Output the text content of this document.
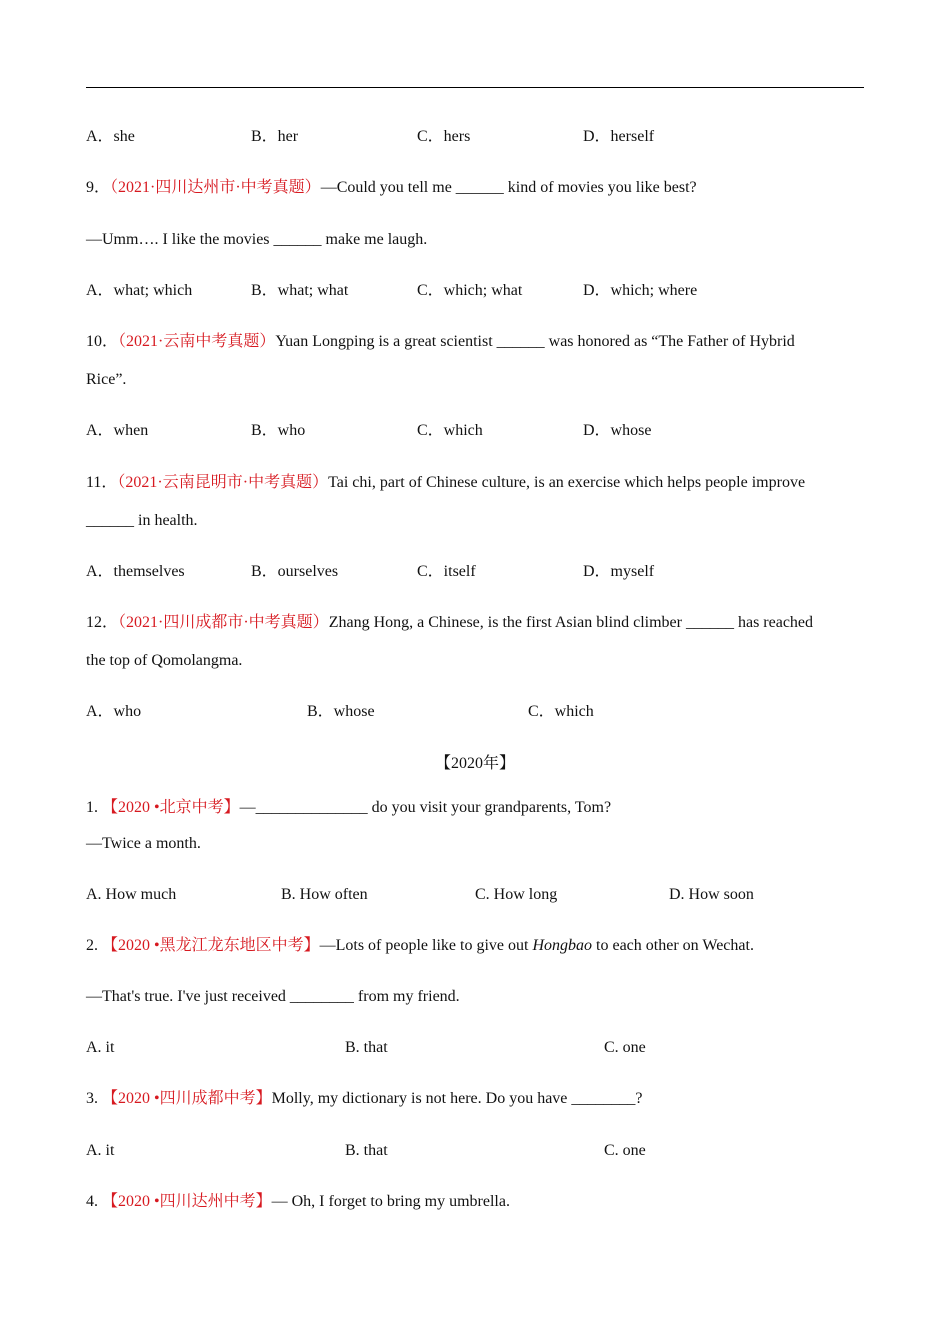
A．she	B．her	C．hers	D．herself
9．（2021·四川达州市·中考真题）—Could you tell me ______ kind of movies you like best?
—Umm…. I like the movies ______ make me laugh.
A．what; which	B．what; what	C．which; what	D．which; where
10．（2021·云南中考真题）Yuan Longping is a great scientist ______ was honored as “The Father of Hybrid
Rice”.
A．when	B．who	C．which	D．whose
11．（2021·云南昆明市·中考真题）Tai chi, part of Chinese culture, is an exercise which helps people improve
______ in health.
A．themselves	B．ourselves	C．itself	D．myself
12．（2021·四川成都市·中考真题）Zhang Hong, a Chinese, is the first Asian blind climber ______ has reached
the top of Qomolangma.
A．who	B．whose	C．which
【2020年】
1. 【2020 •北京中考】—______________ do you visit your grandparents, Tom?
—Twice a month.
A. How much	B. How often	C. How long	D. How soon
2. 【2020 •黑龙江龙东地区中考】—Lots of people like to give out Hongbao to each other on Wechat.
—That's true. I've just received ________ from my friend.
A. it	B. that	C. one
3. 【2020 •四川成都中考】Molly, my dictionary is not here. Do you have ________?
A. it	B. that	C. one
4. 【2020 •四川达州中考】— Oh, I forget to bring my umbrella.
